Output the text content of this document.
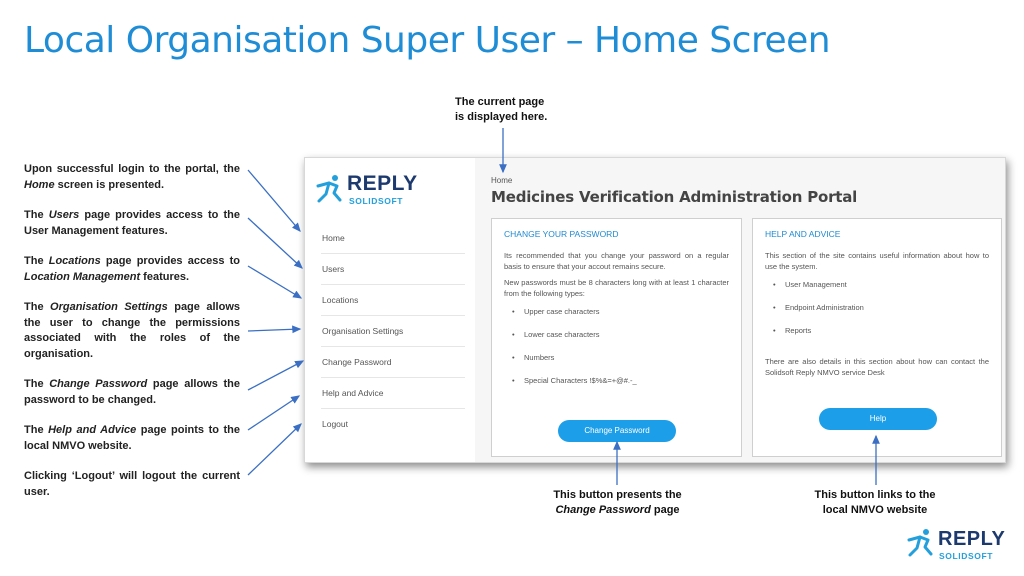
Local Organisation Super User – Home Screen
The current page
is displayed here.

Upon successful login to the portal, the Home screen is presented.

The Users page provides access to the User Management features.

The Locations page provides access to Location Management features.

The Organisation Settings page allows the user to change the permissions associated with the roles of the organisation.

The Change Password page allows the password to be changed.

The Help and Advice page points to the local NMVO website.

Clicking ‘Logout’ will logout the current user.

REPLY
SOLIDSOFT
Home
Users
Locations
Organisation Settings
Change Password
Help and Advice
Logout
Home
Medicines Verification Administration Portal
CHANGE YOUR PASSWORD
Its recommended that you change your password on a regular basis to ensure that your accout remains secure.
New passwords must be 8 characters long with at least 1 character from the following types:
• Upper case characters
• Lower case characters
• Numbers
• Special Characters !$%&=+@#.-_
Change Password
HELP AND ADVICE
This section of the site contains useful information about how to use the system.
• User Management
• Endpoint Administration
• Reports
There are also details in this section about how can contact the Solidsoft Reply NMVO service Desk
Help
This button presents the
Change Password page
This button links to the
local NMVO website
REPLY
SOLIDSOFT
